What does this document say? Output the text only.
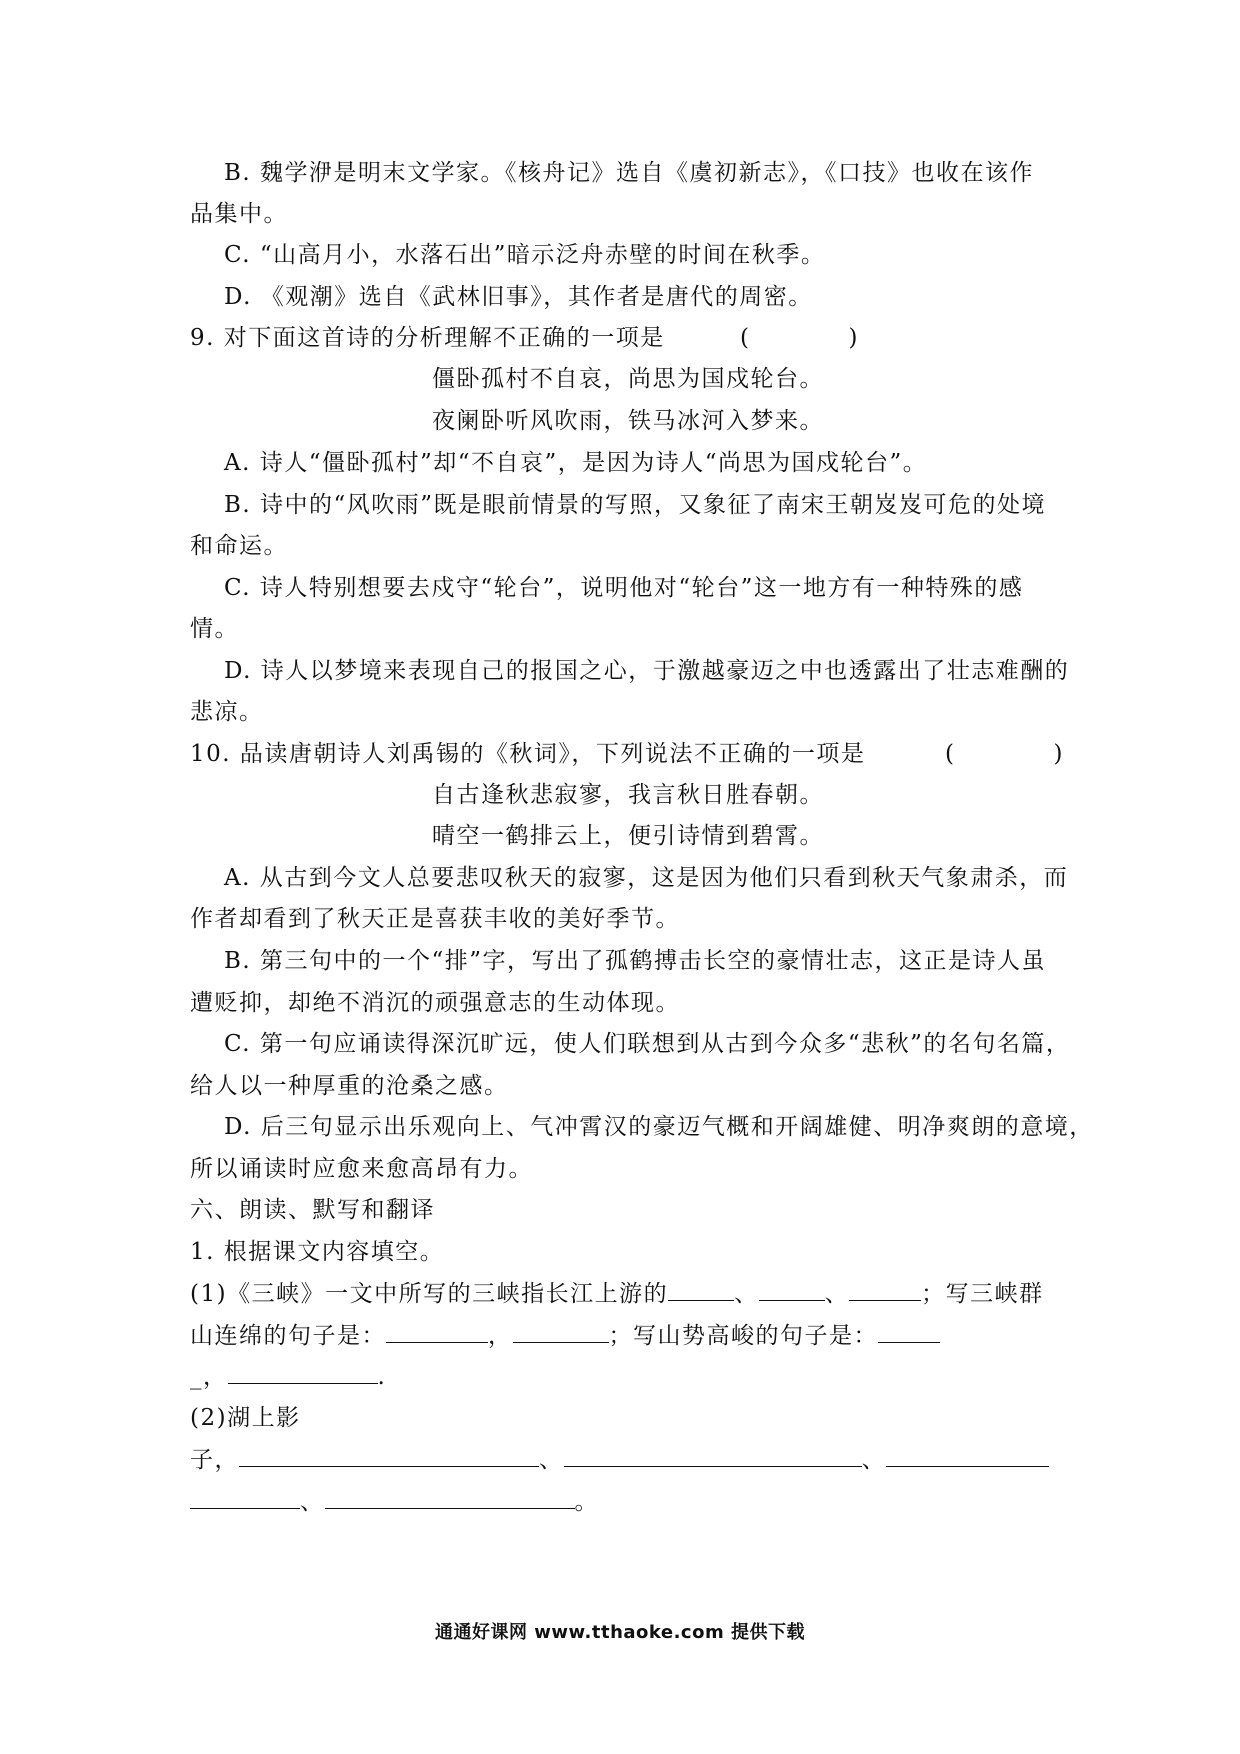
B. 魏学洢是明末文学家。《核舟记》选自《虞初新志》，《口技》也收在该作
品集中。
C. “山高月小，水落石出”暗示泛舟赤壁的时间在秋季。
D. 《观潮》选自《武林旧事》，其作者是唐代的周密。
9. 对下面这首诗的分析理解不正确的一项是	(　　　　)
僵卧孤村不自哀，尚思为国戍轮台。
夜阑卧听风吹雨，铁马冰河入梦来。
A. 诗人“僵卧孤村”却“不自哀”，是因为诗人“尚思为国戍轮台”。
B. 诗中的“风吹雨”既是眼前情景的写照，又象征了南宋王朝岌岌可危的处境
和命运。
C. 诗人特别想要去戍守“轮台”，说明他对“轮台”这一地方有一种特殊的感
情。
D. 诗人以梦境来表现自己的报国之心，于激越豪迈之中也透露出了壮志难酬的
悲凉。
10. 品读唐朝诗人刘禹锡的《秋词》，下列说法不正确的一项是	(　　　　)
自古逢秋悲寂寥，我言秋日胜春朝。
晴空一鹤排云上，便引诗情到碧霄。
A. 从古到今文人总要悲叹秋天的寂寥，这是因为他们只看到秋天气象肃杀，而
作者却看到了秋天正是喜获丰收的美好季节。
B. 第三句中的一个“排”字，写出了孤鹤搏击长空的豪情壮志，这正是诗人虽
遭贬抑，却绝不消沉的顽强意志的生动体现。
C. 第一句应诵读得深沉旷远，使人们联想到从古到今众多“悲秋”的名句名篇，
给人以一种厚重的沧桑之感。
D. 后三句显示出乐观向上、气冲霄汉的豪迈气概和开阔雄健、明净爽朗的意境，
所以诵读时应愈来愈高昂有力。
六、朗读、默写和翻译
1. 根据课文内容填空。
(1)《三峡》一文中所写的三峡指长江上游的	、	、	；写三峡群
山连绵的句子是：	，	；写山势高峻的句子是：
_，	.
(2)湖上影
子，	、	、
、	。
通通好课网 www.tthaoke.com 提供下载
